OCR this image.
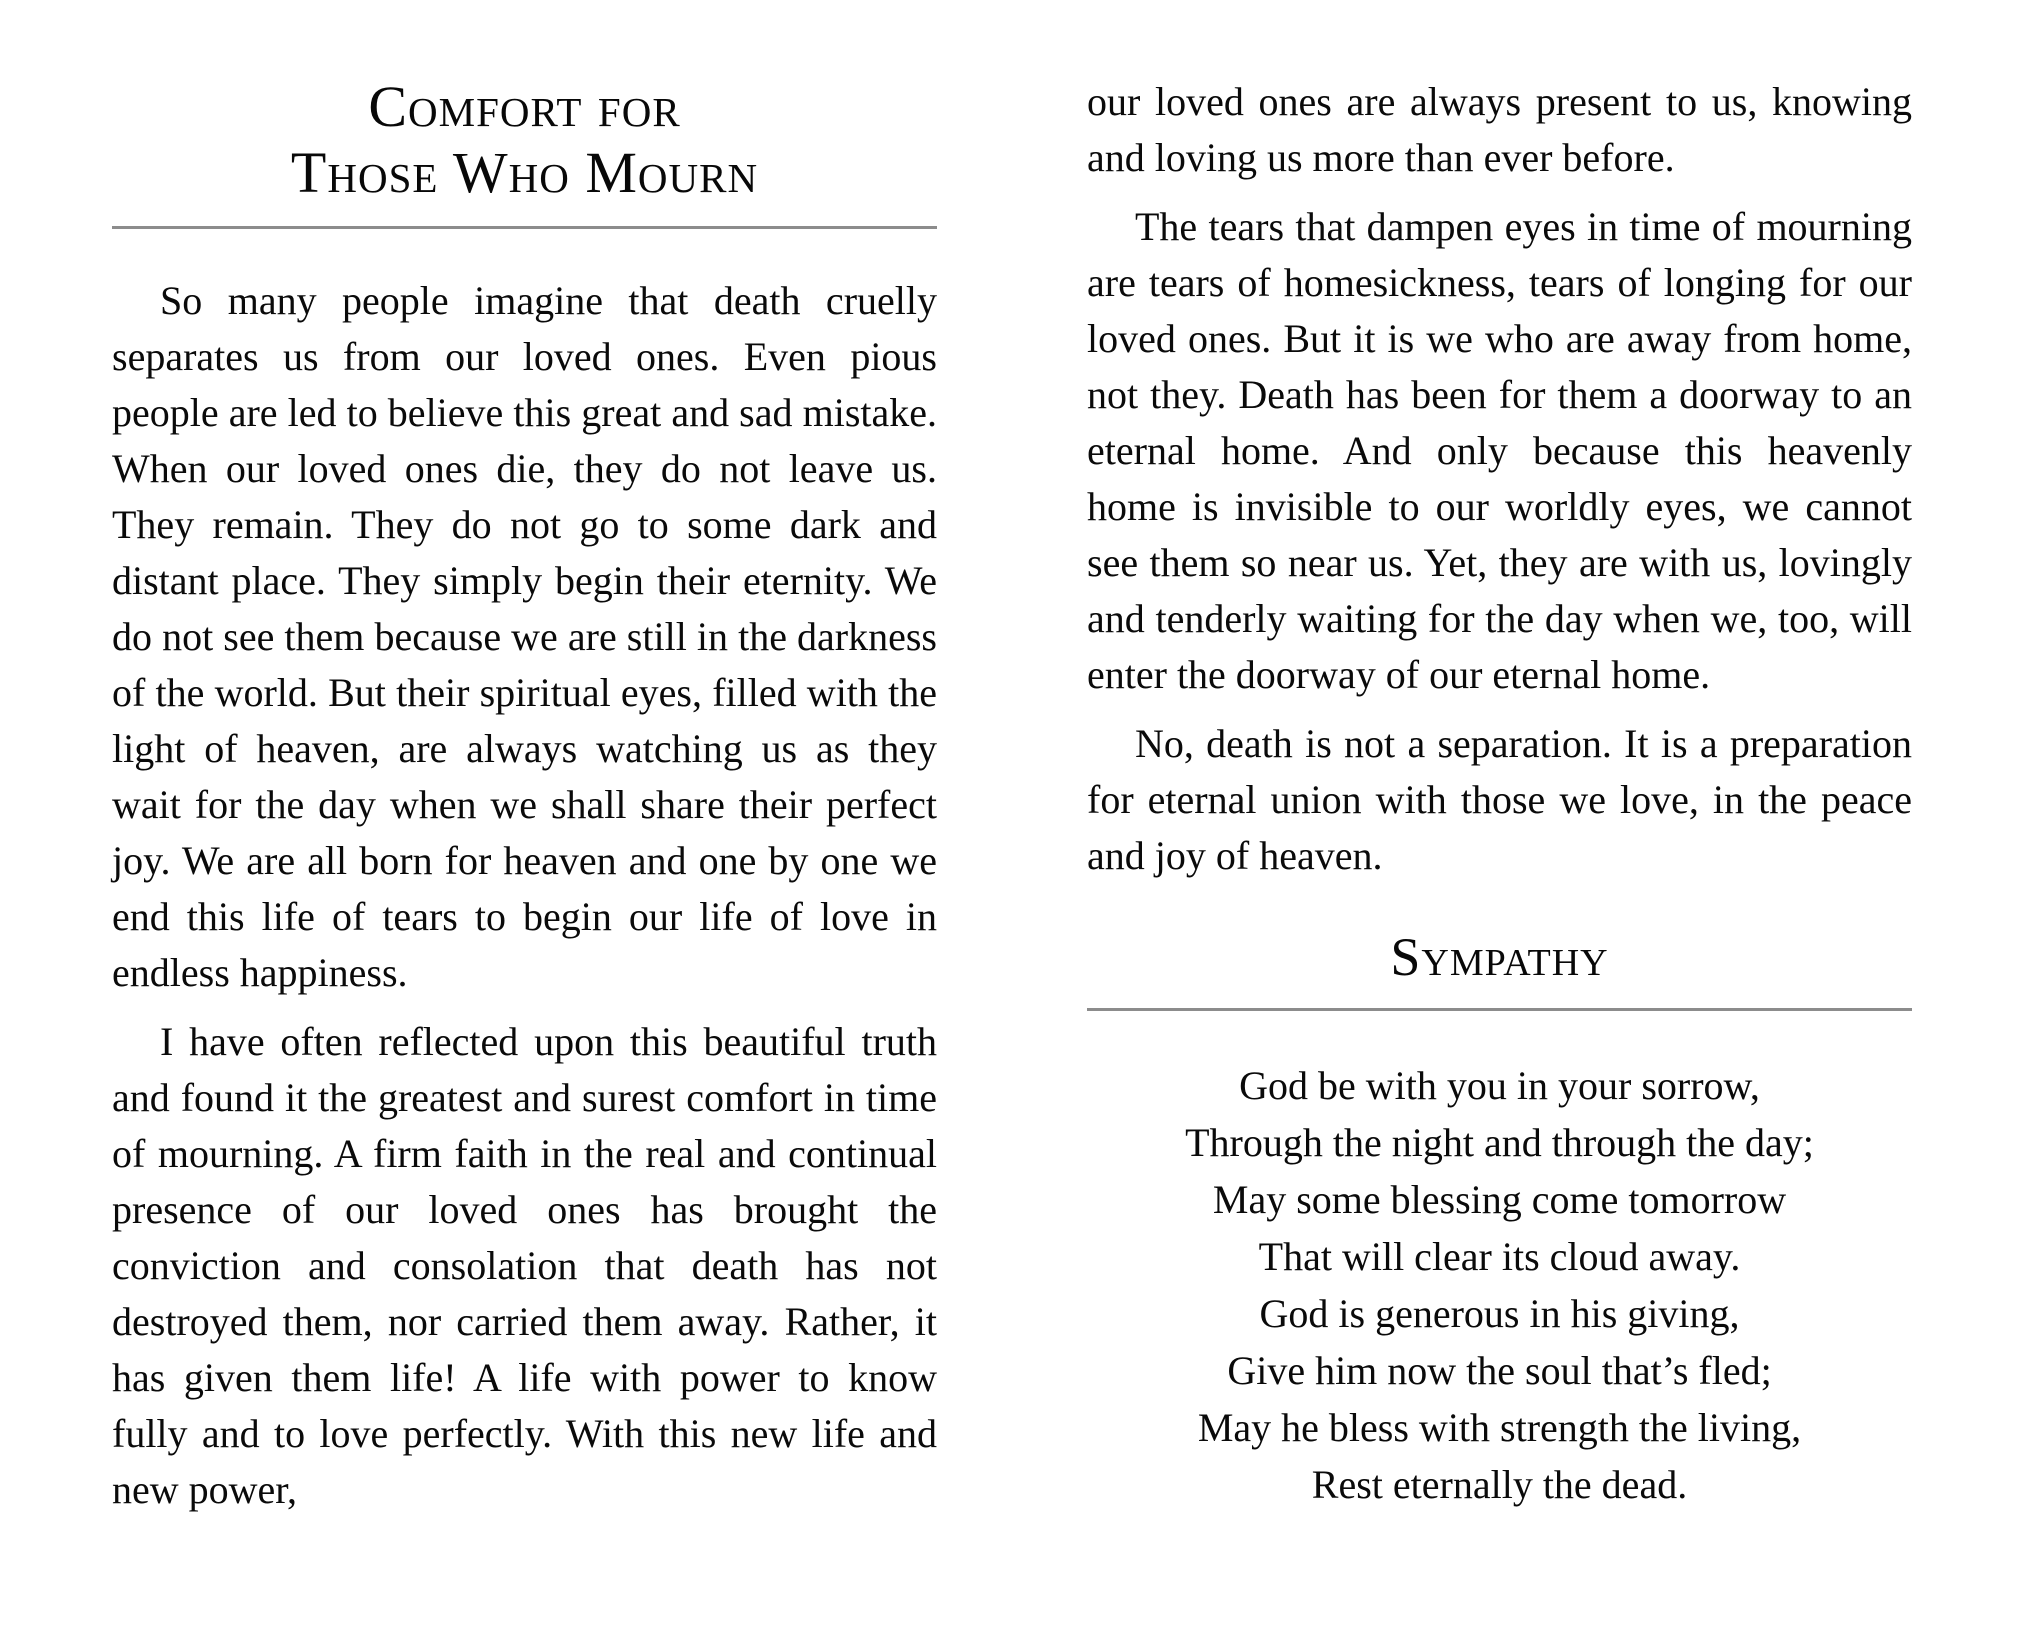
Comfort for
Those Who Mourn

So many people imagine that death cruelly separates us from our loved ones. Even pious people are led to believe this great and sad mistake. When our loved ones die, they do not leave us. They remain. They do not go to some dark and distant place. They simply begin their eternity. We do not see them because we are still in the darkness of the world. But their spiritual eyes, filled with the light of heaven, are always watching us as they wait for the day when we shall share their perfect joy. We are all born for heaven and one by one we end this life of tears to begin our life of love in endless happiness.

I have often reflected upon this beautiful truth and found it the greatest and surest comfort in time of mourning. A firm faith in the real and continual presence of our loved ones has brought the conviction and consolation that death has not destroyed them, nor carried them away. Rather, it has given them life! A life with power to know fully and to love perfectly. With this new life and new power,

our loved ones are always present to us, knowing and loving us more than ever before.

The tears that dampen eyes in time of mourning are tears of homesickness, tears of longing for our loved ones. But it is we who are away from home, not they. Death has been for them a doorway to an eternal home. And only because this heavenly home is invisible to our worldly eyes, we cannot see them so near us. Yet, they are with us, lovingly and tenderly waiting for the day when we, too, will enter the doorway of our eternal home.

No, death is not a separation. It is a preparation for eternal union with those we love, in the peace and joy of heaven.

Sympathy
God be with you in your sorrow,
Through the night and through the day;
May some blessing come tomorrow
That will clear its cloud away.
God is generous in his giving,
Give him now the soul that’s fled;
May he bless with strength the living,
Rest eternally the dead.
